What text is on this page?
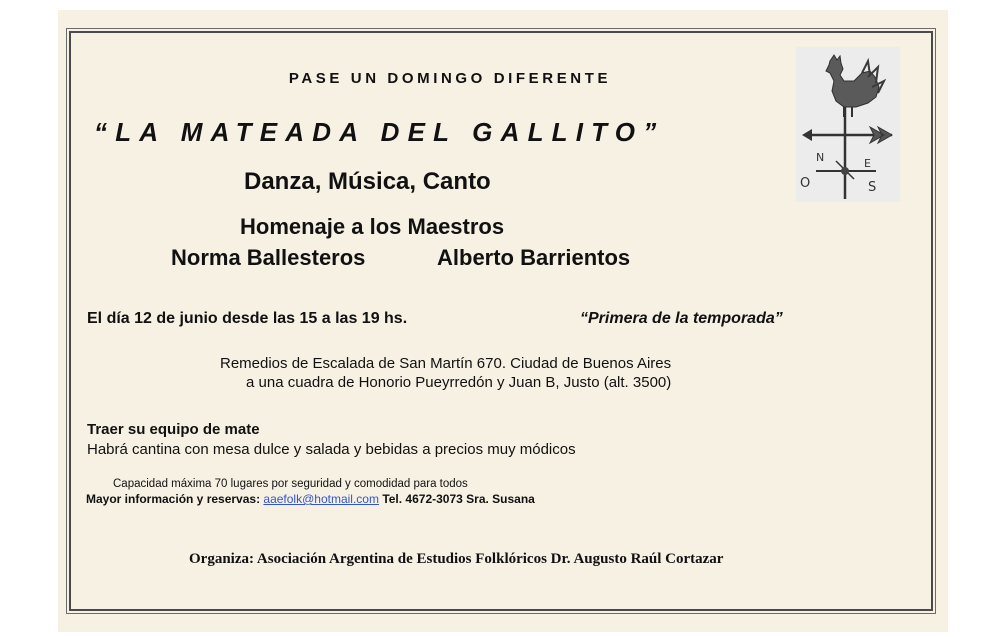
PASE UN DOMINGO DIFERENTE
“LA MATEADA DEL GALLITO”
Danza, Música, Canto
Homenaje a los Maestros
Norma Ballesteros	Alberto Barrientos
El día 12 de junio desde las 15 a las 19 hs.	“Primera de la temporada”
Remedios de Escalada de San Martín 670. Ciudad de Buenos Aires
a una cuadra de Honorio Pueyrredón y Juan B, Justo (alt. 3500)
Traer su equipo de mate
Habrá cantina con mesa dulce y salada y bebidas a precios muy módicos
Capacidad máxima 70 lugares por seguridad y comodidad para todos
Mayor información y reservas: aaefolk@hotmail.com Tel. 4672-3073 Sra. Susana
Organiza: Asociación Argentina de Estudios Folklóricos Dr. Augusto Raúl Cortazar
N
O
E
S
